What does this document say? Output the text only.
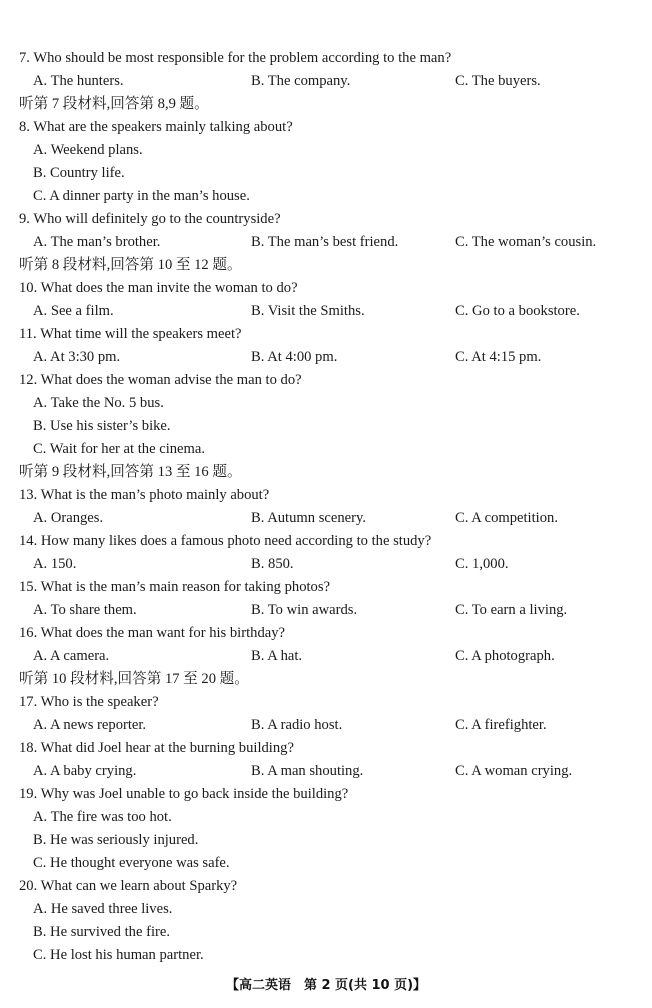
7. Who should be most responsible for the problem according to the man?
A. The hunters.	B. The company.	C. The buyers.
听第 7 段材料,回答第 8,9 题。
8. What are the speakers mainly talking about?
A. Weekend plans.
B. Country life.
C. A dinner party in the man’s house.
9. Who will definitely go to the countryside?
A. The man’s brother.	B. The man’s best friend.	C. The woman’s cousin.
听第 8 段材料,回答第 10 至 12 题。
10. What does the man invite the woman to do?
A. See a film.	B. Visit the Smiths.	C. Go to a bookstore.
11. What time will the speakers meet?
A. At 3:30 pm.	B. At 4:00 pm.	C. At 4:15 pm.
12. What does the woman advise the man to do?
A. Take the No. 5 bus.
B. Use his sister’s bike.
C. Wait for her at the cinema.
听第 9 段材料,回答第 13 至 16 题。
13. What is the man’s photo mainly about?
A. Oranges.	B. Autumn scenery.	C. A competition.
14. How many likes does a famous photo need according to the study?
A. 150.	B. 850.	C. 1,000.
15. What is the man’s main reason for taking photos?
A. To share them.	B. To win awards.	C. To earn a living.
16. What does the man want for his birthday?
A. A camera.	B. A hat.	C. A photograph.
听第 10 段材料,回答第 17 至 20 题。
17. Who is the speaker?
A. A news reporter.	B. A radio host.	C. A firefighter.
18. What did Joel hear at the burning building?
A. A baby crying.	B. A man shouting.	C. A woman crying.
19. Why was Joel unable to go back inside the building?
A. The fire was too hot.
B. He was seriously injured.
C. He thought everyone was safe.
20. What can we learn about Sparky?
A. He saved three lives.
B. He survived the fire.
C. He lost his human partner.
【高二英语　第 2 页(共 10 页)】
